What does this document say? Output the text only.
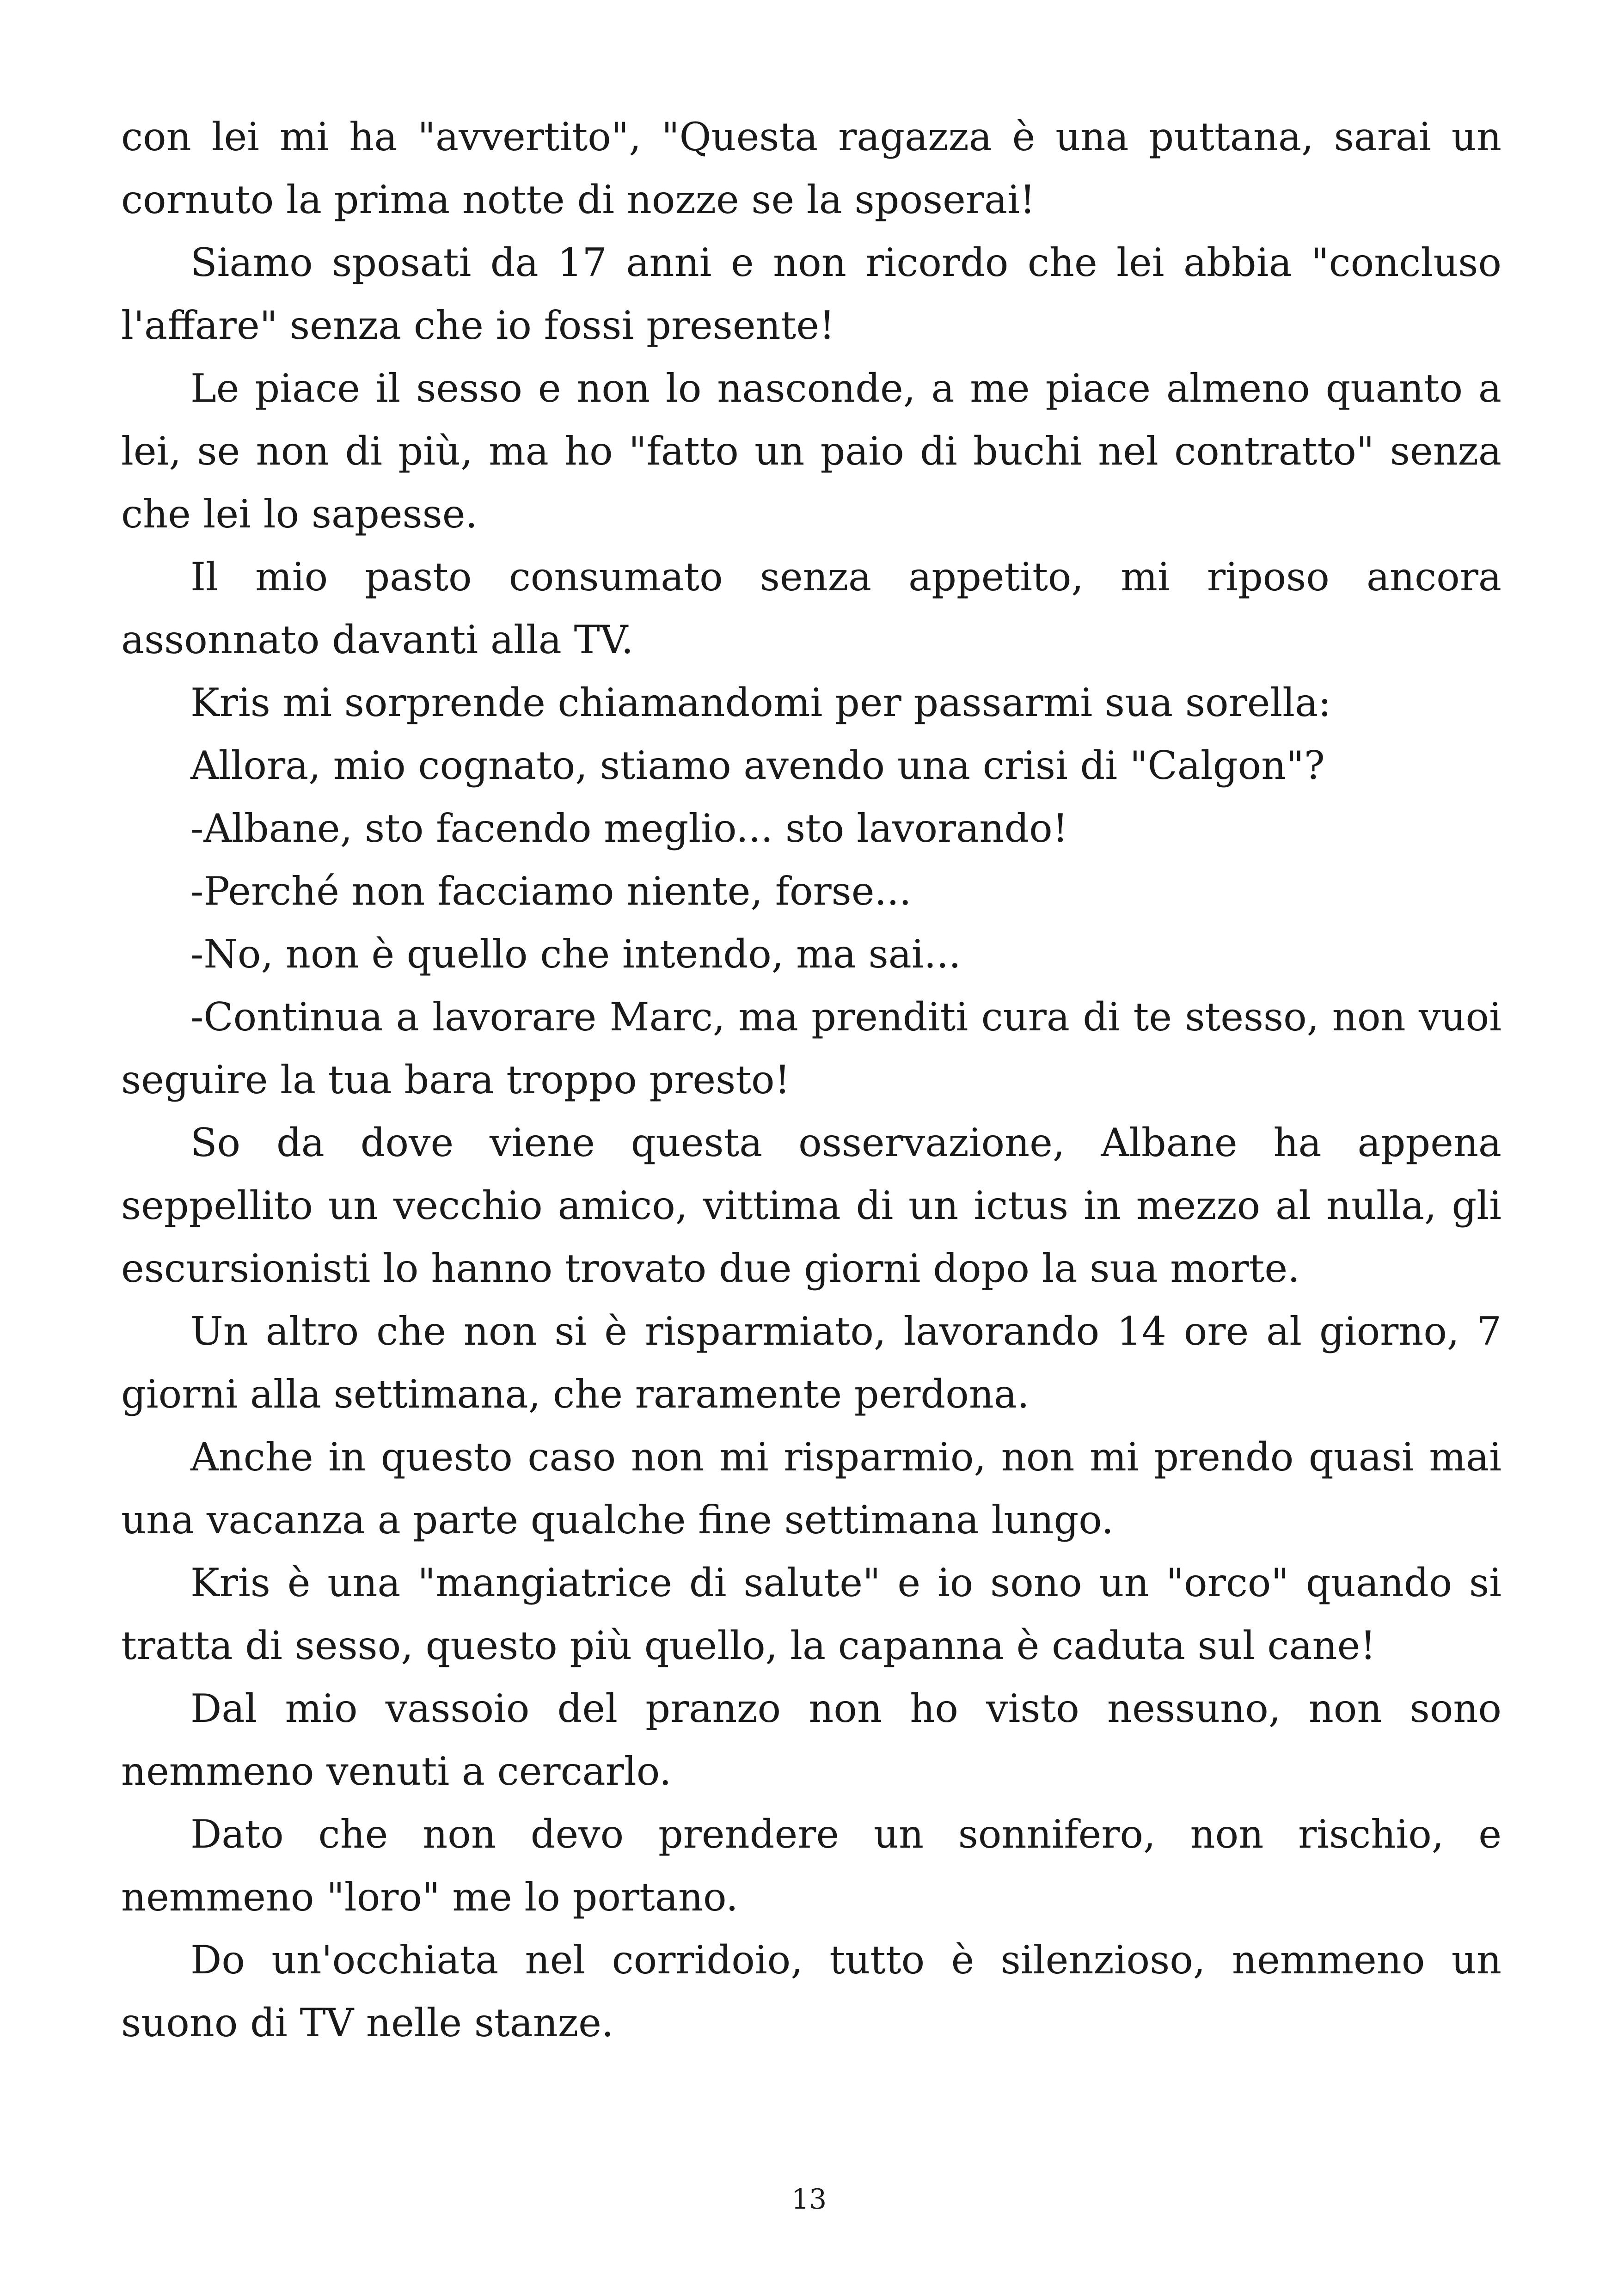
con lei mi ha "avvertito", "Questa ragazza è una puttana, sarai un cornuto la prima notte di nozze se la sposerai!

Siamo sposati da 17 anni e non ricordo che lei abbia "concluso l'affare" senza che io fossi presente!

Le piace il sesso e non lo nasconde, a me piace almeno quanto a lei, se non di più, ma ho "fatto un paio di buchi nel contratto" senza che lei lo sapesse.

Il mio pasto consumato senza appetito, mi riposo ancora assonnato davanti alla TV.

Kris mi sorprende chiamandomi per passarmi sua sorella:

Allora, mio cognato, stiamo avendo una crisi di "Calgon"?

-Albane, sto facendo meglio... sto lavorando!

-Perché non facciamo niente, forse...

-No, non è quello che intendo, ma sai...

-Continua a lavorare Marc, ma prenditi cura di te stesso, non vuoi seguire la tua bara troppo presto!

So da dove viene questa osservazione, Albane ha appena seppellito un vecchio amico, vittima di un ictus in mezzo al nulla, gli escursionisti lo hanno trovato due giorni dopo la sua morte.

Un altro che non si è risparmiato, lavorando 14 ore al giorno, 7 giorni alla settimana, che raramente perdona.

Anche in questo caso non mi risparmio, non mi prendo quasi mai una vacanza a parte qualche fine settimana lungo.

Kris è una "mangiatrice di salute" e io sono un "orco" quando si tratta di sesso, questo più quello, la capanna è caduta sul cane!

Dal mio vassoio del pranzo non ho visto nessuno, non sono nemmeno venuti a cercarlo.

Dato che non devo prendere un sonnifero, non rischio, e nemmeno "loro" me lo portano.

Do un'occhiata nel corridoio, tutto è silenzioso, nemmeno un suono di TV nelle stanze.

13
